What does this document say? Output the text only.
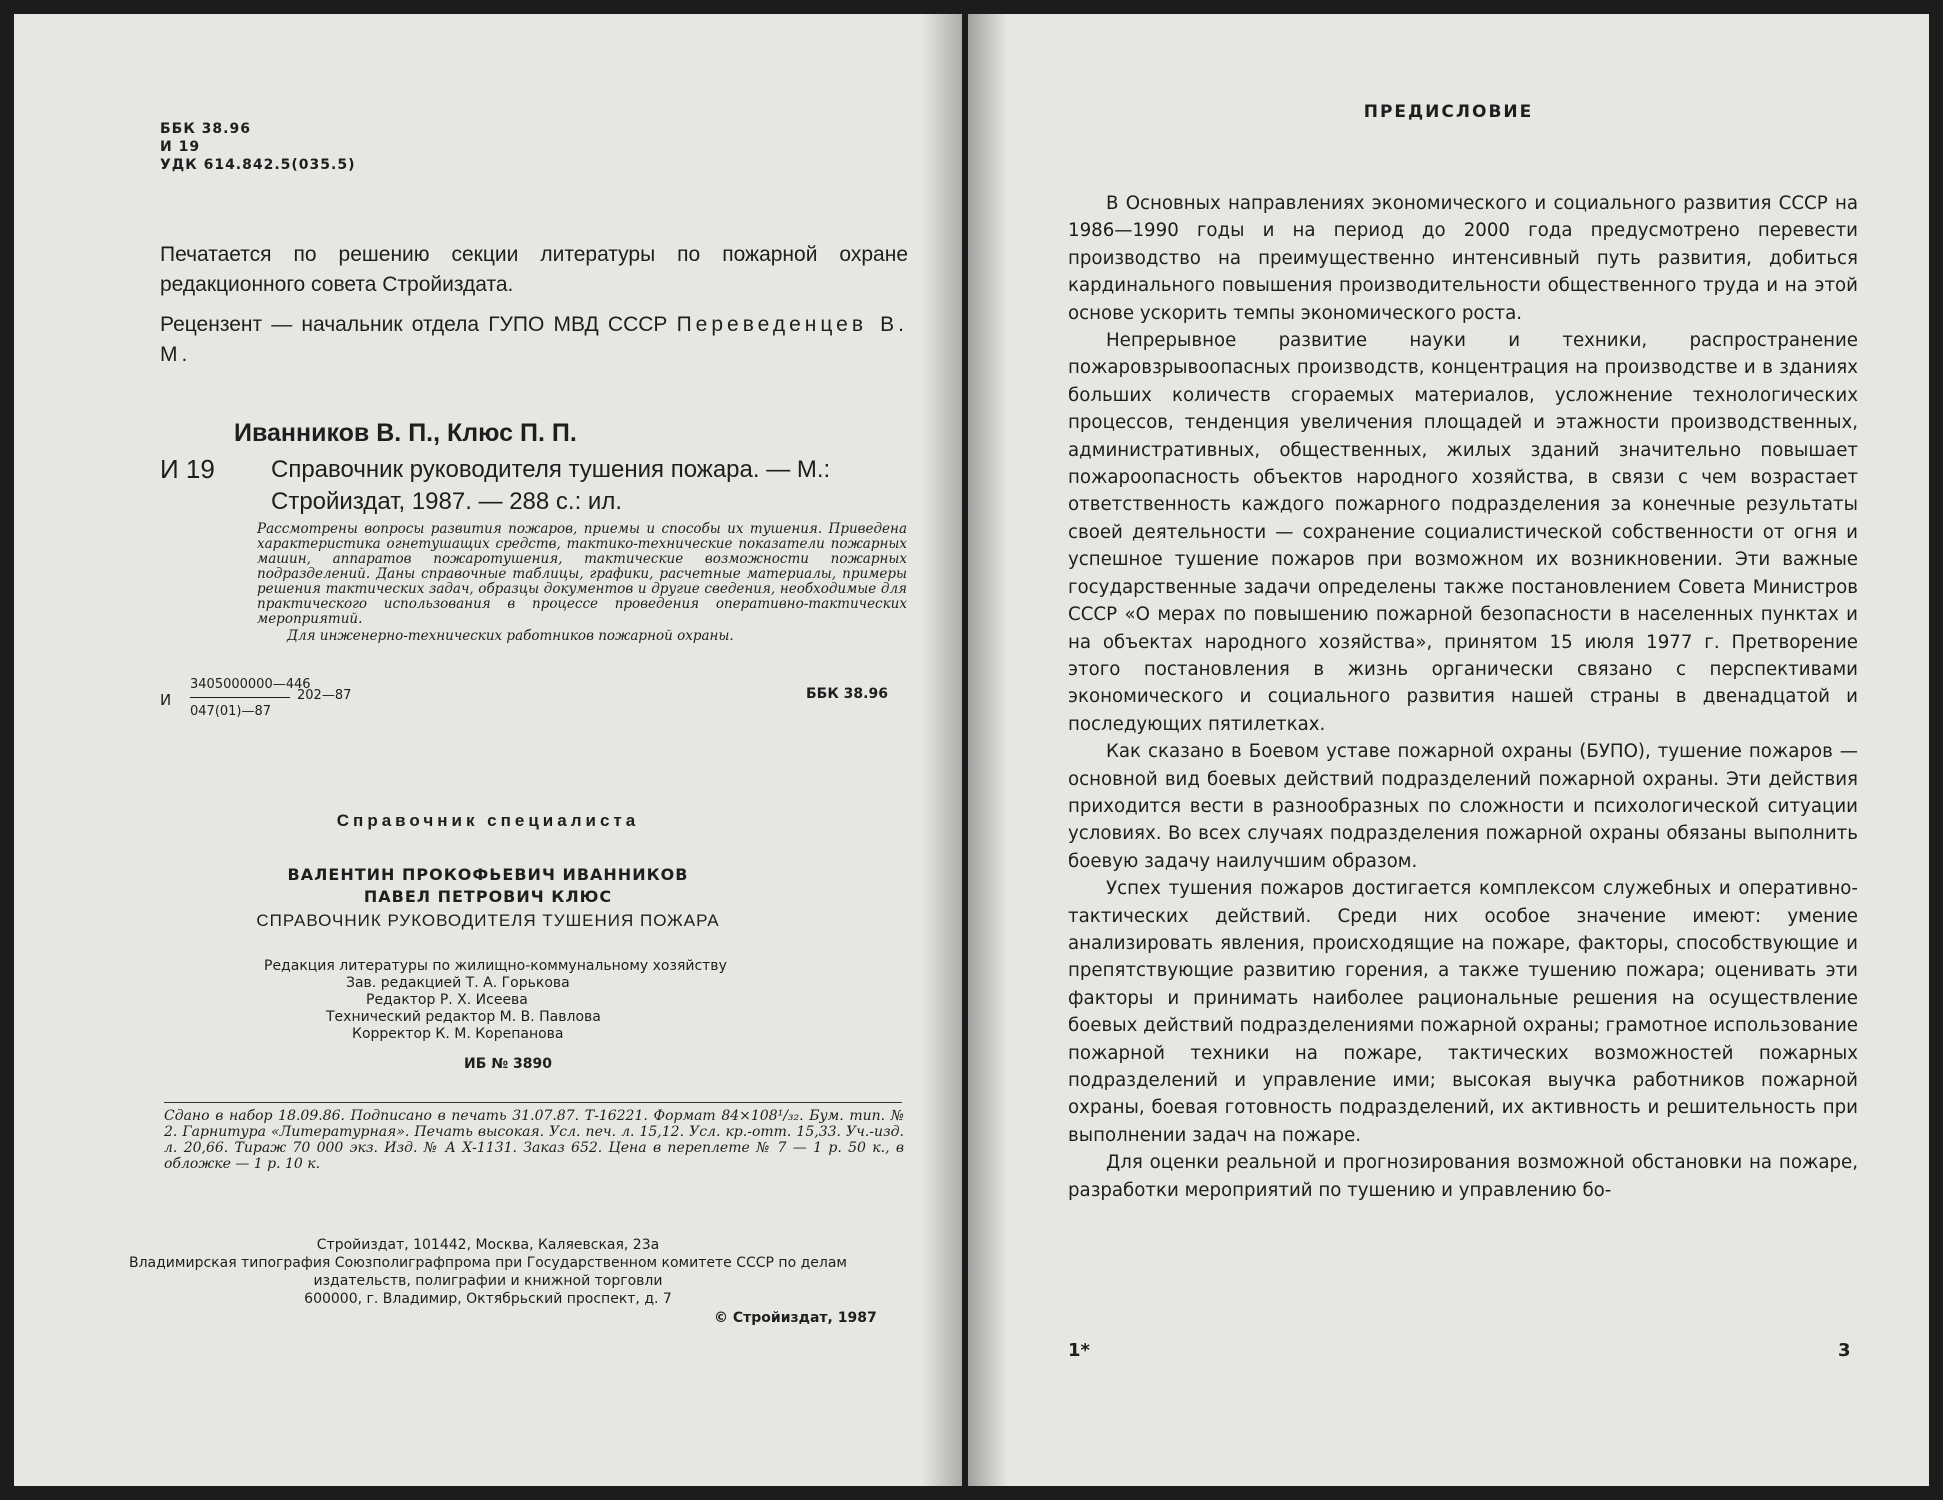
ББК 38.96
И 19
УДК 614.842.5(035.5)
Печатается по решению секции литературы по пожарной охране редакционного совета Стройиздата.
Рецензент — начальник отдела ГУПО МВД СССР Переведенцев В. М.
Иванников В. П., Клюс П. П.
И 19 Справочник руководителя тушения пожара. — М.: Стройиздат, 1987. — 288 с.: ил.
Рассмотрены вопросы развития пожаров, приемы и способы их тушения. Приведена характеристика огнетушащих средств, тактико-технические показатели пожарных машин, аппаратов пожаротушения, тактические возможности пожарных подразделений. Даны справочные таблицы, графики, расчетные материалы, примеры решения тактических задач, образцы документов и другие сведения, необходимые для практического использования в процессе проведения оперативно-тактических мероприятий.
Для инженерно-технических работников пожарной охраны.
И
3405000000—446
202—87
047(01)—87
ББК 38.96
Справочник специалиста
ВАЛЕНТИН ПРОКОФЬЕВИЧ ИВАННИКОВ
ПАВЕЛ ПЕТРОВИЧ КЛЮС
СПРАВОЧНИК РУКОВОДИТЕЛЯ ТУШЕНИЯ ПОЖАРА
Редакция литературы по жилищно-коммунальному хозяйству
Зав. редакцией Т. А. Горькова
Редактор Р. Х. Исеева
Технический редактор М. В. Павлова
Корректор К. М. Корепанова
ИБ № 3890
Сдано в набор 18.09.86. Подписано в печать 31.07.87. Т-16221. Формат 84×108¹/₃₂. Бум. тип. № 2. Гарнитура «Литературная». Печать высокая. Усл. печ. л. 15,12. Усл. кр.-отт. 15,33. Уч.-изд. л. 20,66. Тираж 70 000 экз. Изд. № А Х-1131. Заказ 652. Цена в переплете № 7 — 1 р. 50 к., в обложке — 1 р. 10 к.
Стройиздат, 101442, Москва, Каляевская, 23а
Владимирская типография Союзполиграфпрома при Государственном комитете СССР по делам издательств, полиграфии и книжной торговли
600000, г. Владимир, Октябрьский проспект, д. 7
© Стройиздат, 1987
ПРЕДИСЛОВИЕ

В Основных направлениях экономического и социального развития СССР на 1986—1990 годы и на период до 2000 года предусмотрено перевести производство на преимущественно интенсивный путь развития, добиться кардинального повышения производительности общественного труда и на этой основе ускорить темпы экономического роста.

Непрерывное развитие науки и техники, распространение пожаровзрывоопасных производств, концентрация на производстве и в зданиях больших количеств сгораемых материалов, усложнение технологических процессов, тенденция увеличения площадей и этажности производственных, административных, общественных, жилых зданий значительно повышает пожароопасность объектов народного хозяйства, в связи с чем возрастает ответственность каждого пожарного подразделения за конечные результаты своей деятельности — сохранение социалистической собственности от огня и успешное тушение пожаров при возможном их возникновении. Эти важные государственные задачи определены также постановлением Совета Министров СССР «О мерах по повышению пожарной безопасности в населенных пунктах и на объектах народного хозяйства», принятом 15 июля 1977 г. Претворение этого постановления в жизнь органически связано с перспективами экономического и социального развития нашей страны в двенадцатой и последующих пятилетках.

Как сказано в Боевом уставе пожарной охраны (БУПО), тушение пожаров — основной вид боевых действий подразделений пожарной охраны. Эти действия приходится вести в разнообразных по сложности и психологической ситуации условиях. Во всех случаях подразделения пожарной охраны обязаны выполнить боевую задачу наилучшим образом.

Успех тушения пожаров достигается комплексом служебных и оперативно-тактических действий. Среди них особое значение имеют: умение анализировать явления, происходящие на пожаре, факторы, способствующие и препятствующие развитию горения, а также тушению пожара; оценивать эти факторы и принимать наиболее рациональные решения на осуществление боевых действий подразделениями пожарной охраны; грамотное использование пожарной техники на пожаре, тактических возможностей пожарных подразделений и управление ими; высокая выучка работников пожарной охраны, боевая готовность подразделений, их активность и решительность при выполнении задач на пожаре.

Для оценки реальной и прогнозирования возможной обстановки на пожаре, разработки мероприятий по тушению и управлению бо-

1*	3
